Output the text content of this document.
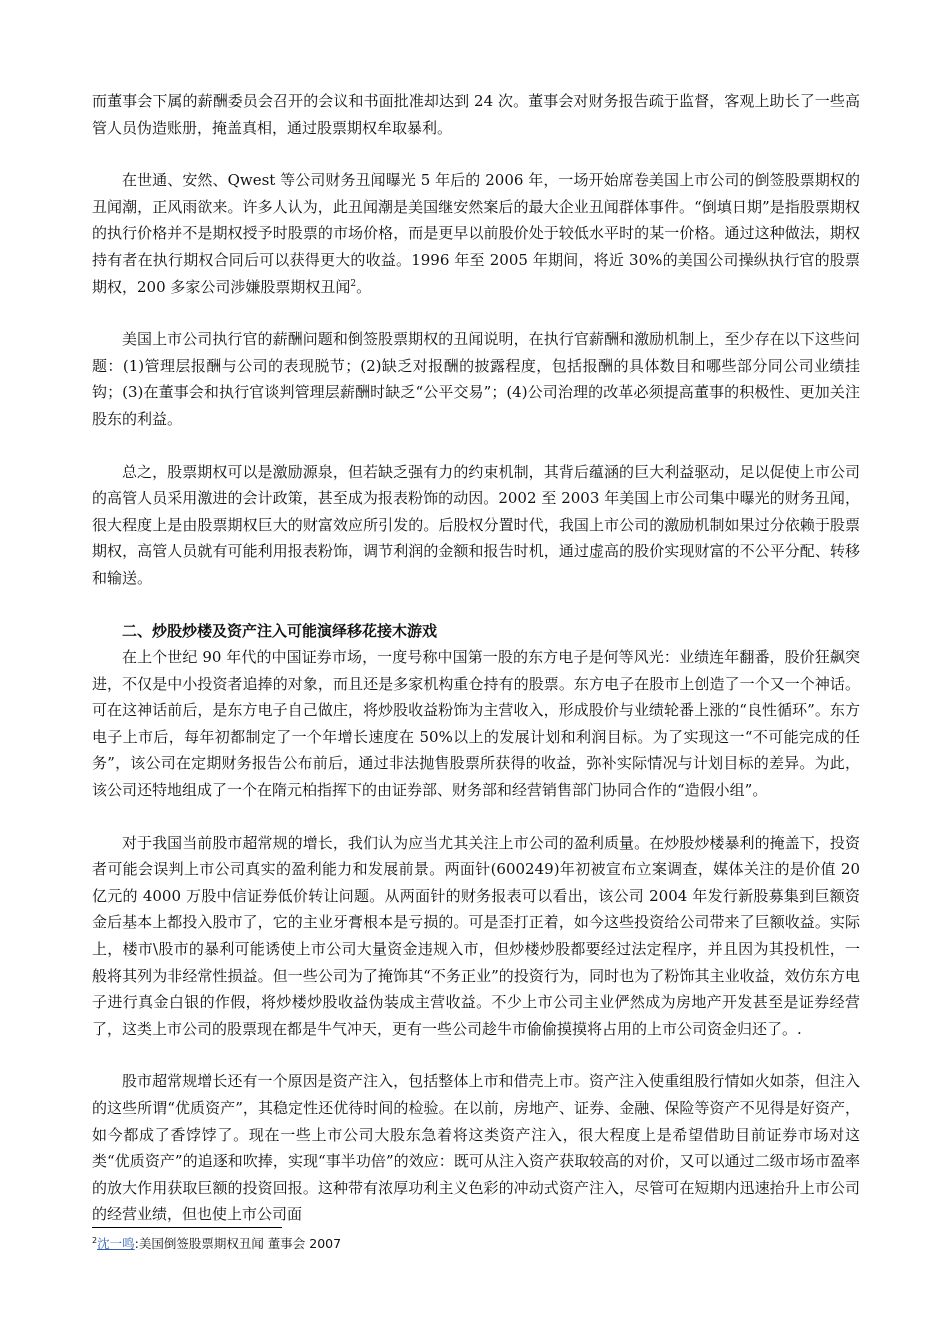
而董事会下属的薪酬委员会召开的会议和书面批准却达到 24 次。董事会对财务报告疏于监督，客观上助长了一些高管人员伪造账册，掩盖真相，通过股票期权牟取暴利。

在世通、安然、Qwest 等公司财务丑闻曝光 5 年后的 2006 年，一场开始席卷美国上市公司的倒签股票期权的丑闻潮，正风雨欲来。许多人认为，此丑闻潮是美国继安然案后的最大企业丑闻群体事件。“倒填日期”是指股票期权的执行价格并不是期权授予时股票的市场价格，而是更早以前股价处于较低水平时的某一价格。通过这种做法，期权持有者在执行期权合同后可以获得更大的收益。1996 年至 2005 年期间，将近 30%的美国公司操纵执行官的股票期权，200 多家公司涉嫌股票期权丑闻$^2$。

美国上市公司执行官的薪酬问题和倒签股票期权的丑闻说明，在执行官薪酬和激励机制上，至少存在以下这些问题：(1)管理层报酬与公司的表现脱节；(2)缺乏对报酬的披露程度，包括报酬的具体数目和哪些部分同公司业绩挂钩；(3)在董事会和执行官谈判管理层薪酬时缺乏“公平交易”；(4)公司治理的改革必须提高董事的积极性、更加关注股东的利益。

总之，股票期权可以是激励源泉，但若缺乏强有力的约束机制，其背后蕴涵的巨大利益驱动，足以促使上市公司的高管人员采用激进的会计政策，甚至成为报表粉饰的动因。2002 至 2003 年美国上市公司集中曝光的财务丑闻，很大程度上是由股票期权巨大的财富效应所引发的。后股权分置时代，我国上市公司的激励机制如果过分依赖于股票期权，高管人员就有可能利用报表粉饰，调节利润的金额和报告时机，通过虚高的股价实现财富的不公平分配、转移和输送。

二、炒股炒楼及资产注入可能演绎移花接木游戏

在上个世纪 90 年代的中国证券市场，一度号称中国第一股的东方电子是何等风光：业绩连年翻番，股价狂飙突进，不仅是中小投资者追捧的对象，而且还是多家机构重仓持有的股票。东方电子在股市上创造了一个又一个神话。可在这神话前后，是东方电子自己做庄，将炒股收益粉饰为主营收入，形成股价与业绩轮番上涨的“良性循环”。东方电子上市后，每年初都制定了一个年增长速度在 50%以上的发展计划和利润目标。为了实现这一“不可能完成的任务”，该公司在定期财务报告公布前后，通过非法抛售股票所获得的收益，弥补实际情况与计划目标的差异。为此，该公司还特地组成了一个在隋元柏指挥下的由证券部、财务部和经营销售部门协同合作的“造假小组”。

对于我国当前股市超常规的增长，我们认为应当尤其关注上市公司的盈利质量。在炒股炒楼暴利的掩盖下，投资者可能会误判上市公司真实的盈利能力和发展前景。两面针(600249)年初被宣布立案调查，媒体关注的是价值 20 亿元的 4000 万股中信证券低价转让问题。从两面针的财务报表可以看出，该公司 2004 年发行新股募集到巨额资金后基本上都投入股市了，它的主业牙膏根本是亏损的。可是歪打正着，如今这些投资给公司带来了巨额收益。实际上，楼市\股市的暴利可能诱使上市公司大量资金违规入市，但炒楼炒股都要经过法定程序，并且因为其投机性，一般将其列为非经常性损益。但一些公司为了掩饰其“不务正业”的投资行为，同时也为了粉饰其主业收益，效仿东方电子进行真金白银的作假，将炒楼炒股收益伪装成主营收益。不少上市公司主业俨然成为房地产开发甚至是证券经营了，这类上市公司的股票现在都是牛气冲天，更有一些公司趁牛市偷偷摸摸将占用的上市公司资金归还了。.

股市超常规增长还有一个原因是资产注入，包括整体上市和借壳上市。资产注入使重组股行情如火如荼，但注入的这些所谓“优质资产”，其稳定性还优待时间的检验。在以前，房地产、证券、金融、保险等资产不见得是好资产，如今都成了香饽饽了。现在一些上市公司大股东急着将这类资产注入，很大程度上是希望借助目前证券市场对这类“优质资产”的追逐和吹捧，实现“事半功倍”的效应：既可从注入资产获取较高的对价，又可以通过二级市场市盈率的放大作用获取巨额的投资回报。这种带有浓厚功利主义色彩的冲动式资产注入，尽管可在短期内迅速抬升上市公司的经营业绩，但也使上市公司面

$^2$沈一鸣:美国倒签股票期权丑闻 董事会 2007
